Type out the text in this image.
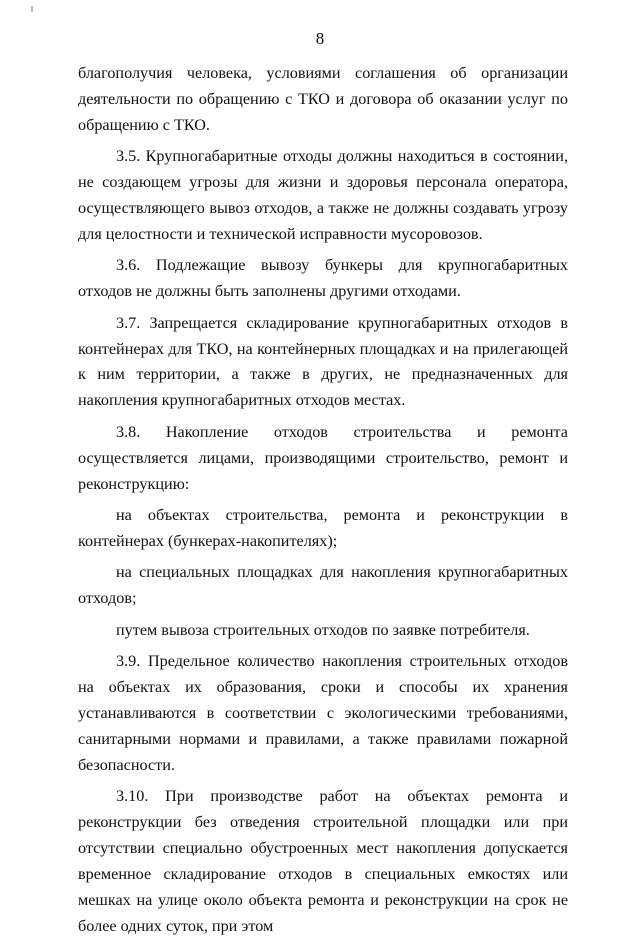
8

благополучия человека, условиями соглашения об организации деятельности по обращению с ТКО и договора об оказании услуг по обращению с ТКО.

3.5. Крупногабаритные отходы должны находиться в состоянии, не создающем угрозы для жизни и здоровья персонала оператора, осуществляющего вывоз отходов, а также не должны создавать угрозу для целостности и технической исправности мусоровозов.

3.6. Подлежащие вывозу бункеры для крупногабаритных отходов не должны быть заполнены другими отходами.

3.7. Запрещается складирование крупногабаритных отходов в контейнерах для ТКО, на контейнерных площадках и на прилегающей к ним территории, а также в других, не предназначенных для накопления крупногабаритных отходов местах.

3.8. Накопление отходов строительства и ремонта осуществляется лицами, производящими строительство, ремонт и реконструкцию:

на объектах строительства, ремонта и реконструкции в контейнерах (бункерах-накопителях);

на специальных площадках для накопления крупногабаритных отходов;

путем вывоза строительных отходов по заявке потребителя.

3.9. Предельное количество накопления строительных отходов на объектах их образования, сроки и способы их хранения устанавливаются в соответствии с экологическими требованиями, санитарными нормами и правилами, а также правилами пожарной безопасности.

3.10. При производстве работ на объектах ремонта и реконструкции без отведения строительной площадки или при отсутствии специально обустроенных мест накопления допускается временное складирование отходов в специальных емкостях или мешках на улице около объекта ремонта и реконструкции на срок не более одних суток, при этом
